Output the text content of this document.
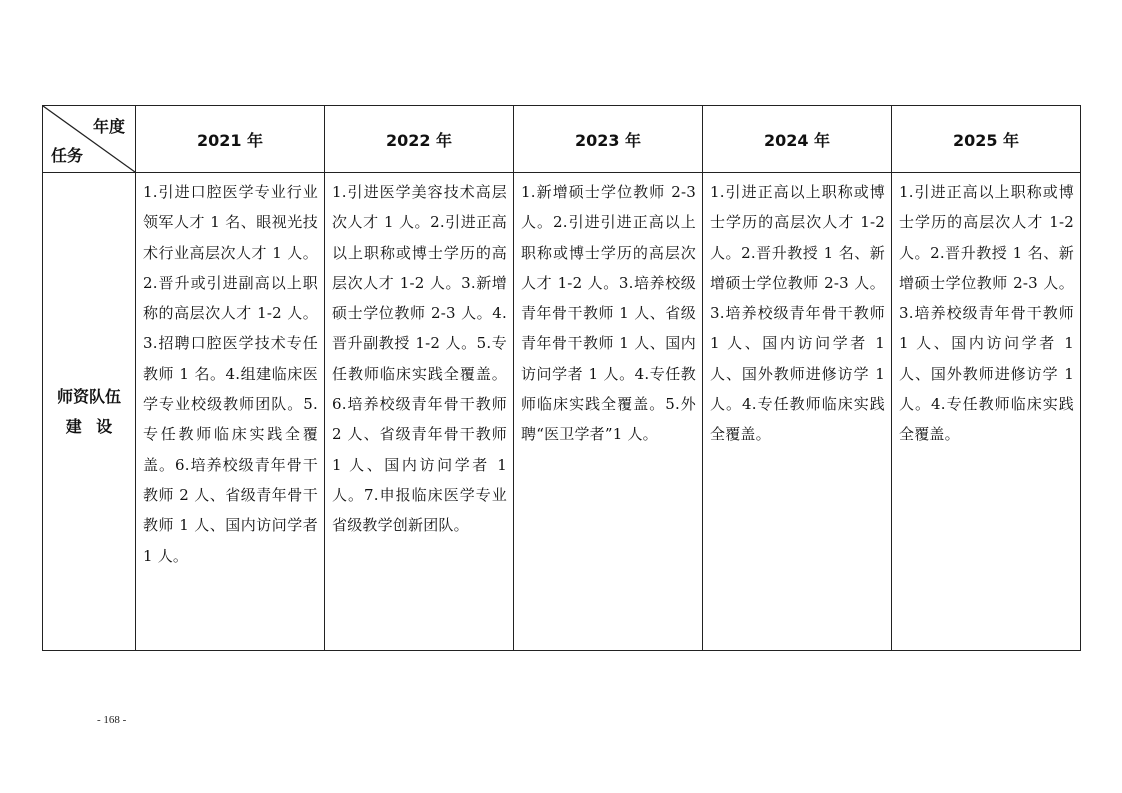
年度
任务	2021 年	2022 年	2023 年	2024 年	2025 年

师资队伍
建设	1.引进口腔医学专业行业领军人才 1 名、眼视光技术行业高层次人才 1 人。2.晋升或引进副高以上职称的高层次人才 1-2 人。3.招聘口腔医学技术专任教师 1 名。4.组建临床医学专业校级教师团队。5.专任教师临床实践全覆盖。6.培养校级青年骨干教师 2 人、省级青年骨干教师 1 人、国内访问学者 1 人。	1.引进医学美容技术高层次人才 1 人。2.引进正高以上职称或博士学历的高层次人才 1-2 人。3.新增硕士学位教师 2-3 人。4.晋升副教授 1-2 人。5.专任教师临床实践全覆盖。6.培养校级青年骨干教师 2 人、省级青年骨干教师 1 人、国内访问学者 1 人。7.申报临床医学专业省级教学创新团队。	1.新增硕士学位教师 2-3 人。2.引进引进正高以上职称或博士学历的高层次人才 1-2 人。3.培养校级青年骨干教师 1 人、省级青年骨干教师 1 人、国内访问学者 1 人。4.专任教师临床实践全覆盖。5.外聘“医卫学者”1 人。	1.引进正高以上职称或博士学历的高层次人才 1-2 人。2.晋升教授 1 名、新增硕士学位教师 2-3 人。3.培养校级青年骨干教师 1 人、国内访问学者 1 人、国外教师进修访学 1 人。4.专任教师临床实践全覆盖。	1.引进正高以上职称或博士学历的高层次人才 1-2 人。2.晋升教授 1 名、新增硕士学位教师 2-3 人。3.培养校级青年骨干教师 1 人、国内访问学者 1 人、国外教师进修访学 1 人。4.专任教师临床实践全覆盖。
- 168 -
